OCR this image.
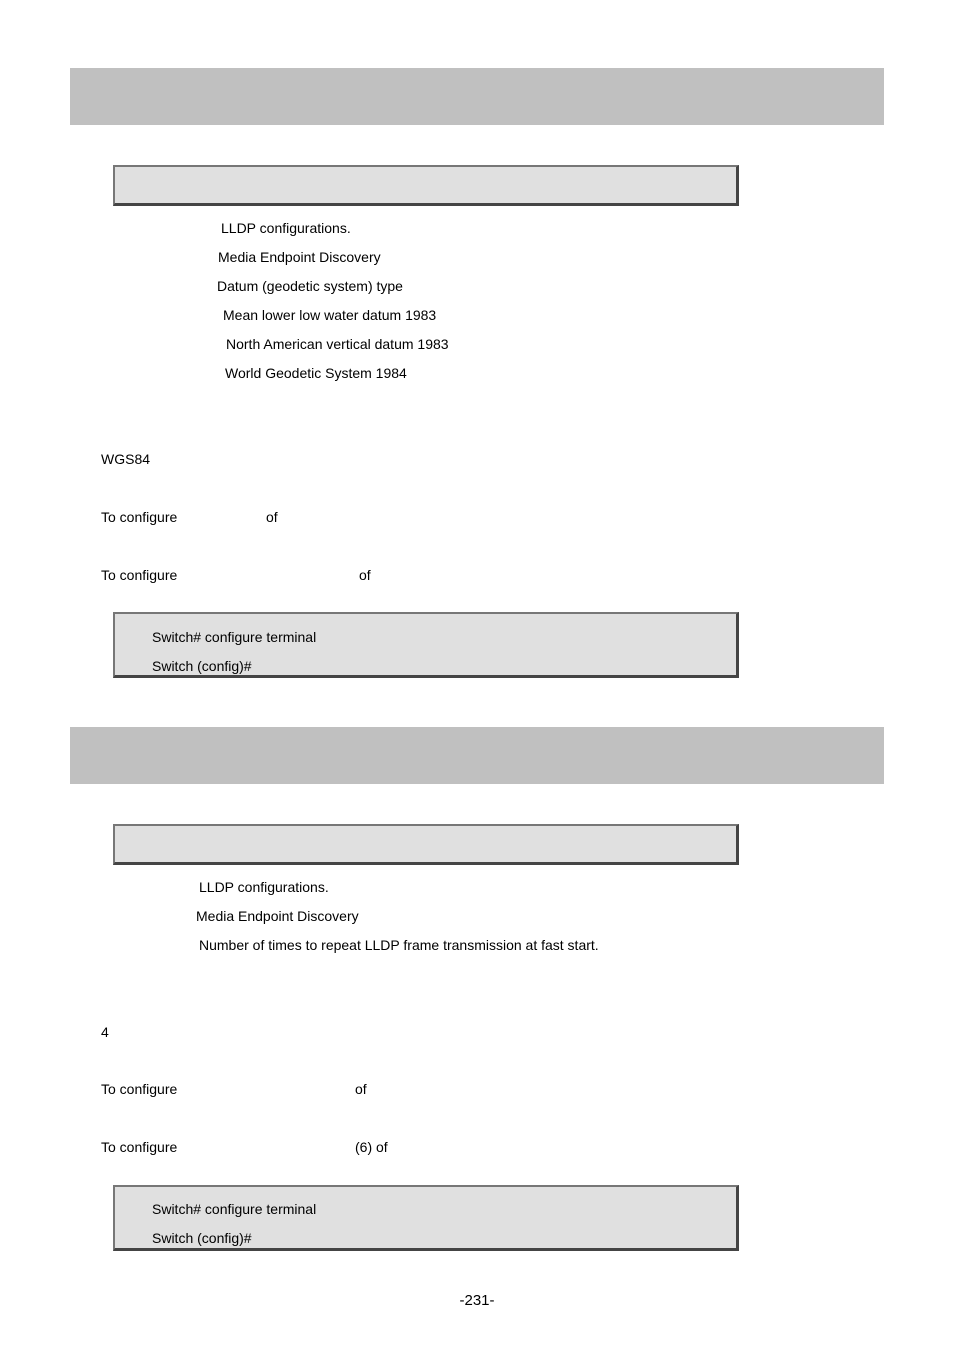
LLDP configurations.
Media Endpoint Discovery
Datum (geodetic system) type
Mean lower low water datum 1983
North American vertical datum 1983
World Geodetic System 1984
WGS84
To configure	of
To configure	of
Switch# configure terminal
Switch (config)#
LLDP configurations.
Media Endpoint Discovery
Number of times to repeat LLDP frame transmission at fast start.
4
To configure	of
To configure	(6) of
Switch# configure terminal
Switch (config)#
-231-
